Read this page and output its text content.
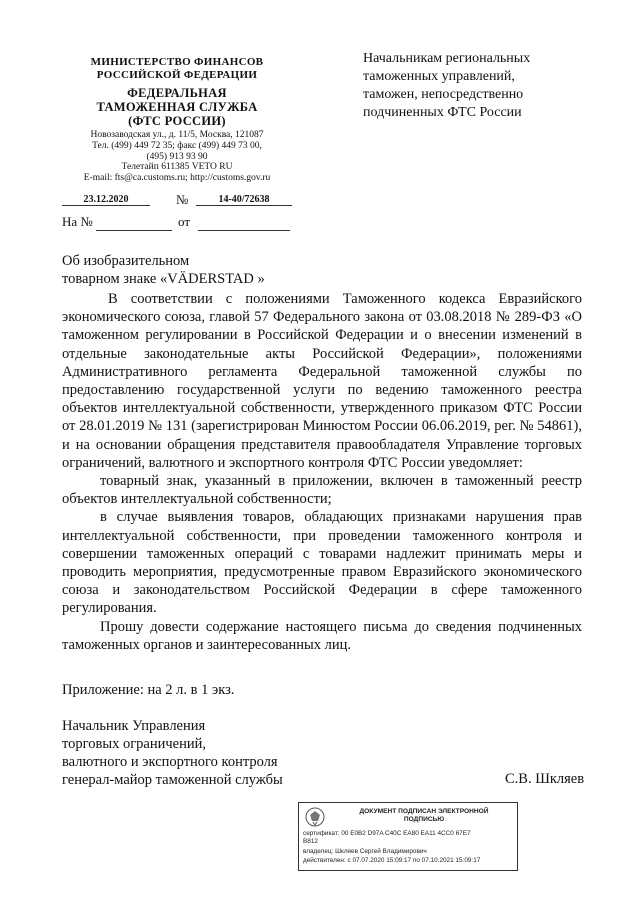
МИНИСТЕРСТВО ФИНАНСОВ
РОССИЙСКОЙ ФЕДЕРАЦИИ
ФЕДЕРАЛЬНАЯ
ТАМОЖЕННАЯ СЛУЖБА
(ФТС РОССИИ)
Новозаводская ул., д. 11/5, Москва, 121087
Тел. (499) 449 72 35; факс (499) 449 73 00,
(495) 913 93 90
Телетайп 611385 VETO RU
E-mail: fts@ca.customs.ru; http://customs.gov.ru
23.12.2020	№	14-40/72638
На №	от
Начальникам региональных
таможенных управлений,
таможен, непосредственно
подчиненных ФТС России
Об изобразительном
товарном знаке «VÄDERSTAD »

В соответствии с положениями Таможенного кодекса Евразийского экономического союза, главой 57 Федерального закона от 03.08.2018 № 289-ФЗ «О таможенном регулировании в Российской Федерации и о внесении изменений в отдельные законодательные акты Российской Федерации», положениями Административного регламента Федеральной таможенной службы по предоставлению государственной услуги по ведению таможенного реестра объектов интеллектуальной собственности, утвержденного приказом ФТС России от 28.01.2019 № 131 (зарегистрирован Минюстом России 06.06.2019, рег. № 54861), и на основании обращения представителя правообладателя Управление торговых ограничений, валютного и экспортного контроля ФТС России уведомляет:

товарный знак, указанный в приложении, включен в таможенный реестр объектов интеллектуальной собственности;

в случае выявления товаров, обладающих признаками нарушения прав интеллектуальной собственности, при проведении таможенного контроля и совершении таможенных операций с товарами надлежит принимать меры и проводить мероприятия, предусмотренные правом Евразийского экономического союза и законодательством Российской Федерации в сфере таможенного регулирования.

Прошу довести содержание настоящего письма до сведения подчиненных таможенных органов и заинтересованных лиц.

Приложение: на 2 л. в 1 экз.
Начальник Управления
торговых ограничений,
валютного и экспортного контроля
генерал-майор таможенной службы	С.В. Шкляев
ДОКУМЕНТ ПОДПИСАН ЭЛЕКТРОННОЙ
ПОДПИСЬЮ
сертификат: 00 E0B2 D97A C40C EA80 EA11 4CC0 67E7
B812
владелец: Шкляев Сергей Владимирович
действителен: с 07.07.2020 15:09:17 по 07.10.2021 15:09:17
